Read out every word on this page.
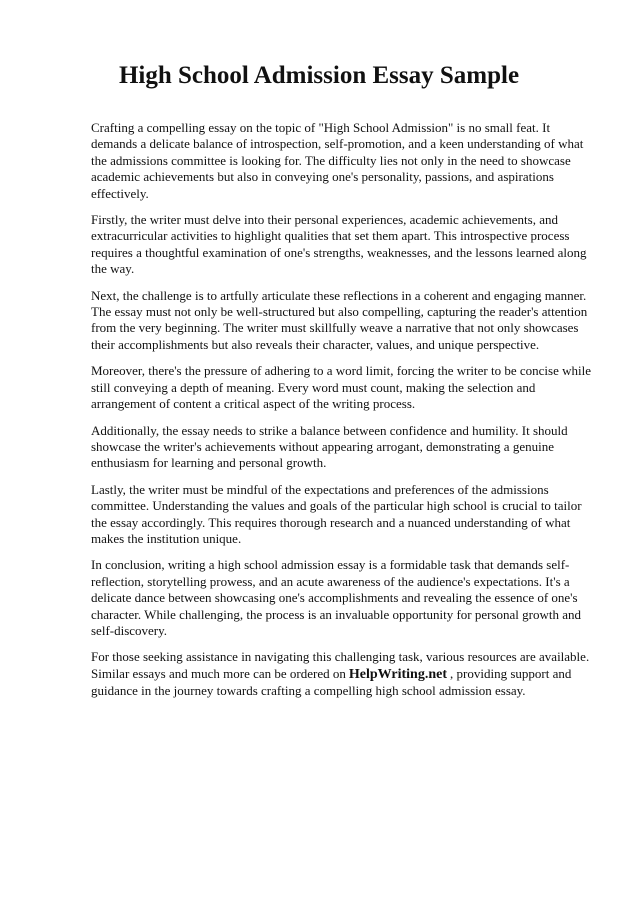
High School Admission Essay Sample

Crafting a compelling essay on the topic of "High School Admission" is no small feat. It demands a delicate balance of introspection, self-promotion, and a keen understanding of what the admissions committee is looking for. The difficulty lies not only in the need to showcase academic achievements but also in conveying one's personality, passions, and aspirations effectively.

Firstly, the writer must delve into their personal experiences, academic achievements, and extracurricular activities to highlight qualities that set them apart. This introspective process requires a thoughtful examination of one's strengths, weaknesses, and the lessons learned along the way.

Next, the challenge is to artfully articulate these reflections in a coherent and engaging manner. The essay must not only be well-structured but also compelling, capturing the reader's attention from the very beginning. The writer must skillfully weave a narrative that not only showcases their accomplishments but also reveals their character, values, and unique perspective.

Moreover, there's the pressure of adhering to a word limit, forcing the writer to be concise while still conveying a depth of meaning. Every word must count, making the selection and arrangement of content a critical aspect of the writing process.

Additionally, the essay needs to strike a balance between confidence and humility. It should showcase the writer's achievements without appearing arrogant, demonstrating a genuine enthusiasm for learning and personal growth.

Lastly, the writer must be mindful of the expectations and preferences of the admissions committee. Understanding the values and goals of the particular high school is crucial to tailor the essay accordingly. This requires thorough research and a nuanced understanding of what makes the institution unique.

In conclusion, writing a high school admission essay is a formidable task that demands self-reflection, storytelling prowess, and an acute awareness of the audience's expectations. It's a delicate dance between showcasing one's accomplishments and revealing the essence of one's character. While challenging, the process is an invaluable opportunity for personal growth and self-discovery.

For those seeking assistance in navigating this challenging task, various resources are available. Similar essays and much more can be ordered on HelpWriting.net , providing support and guidance in the journey towards crafting a compelling high school admission essay.
